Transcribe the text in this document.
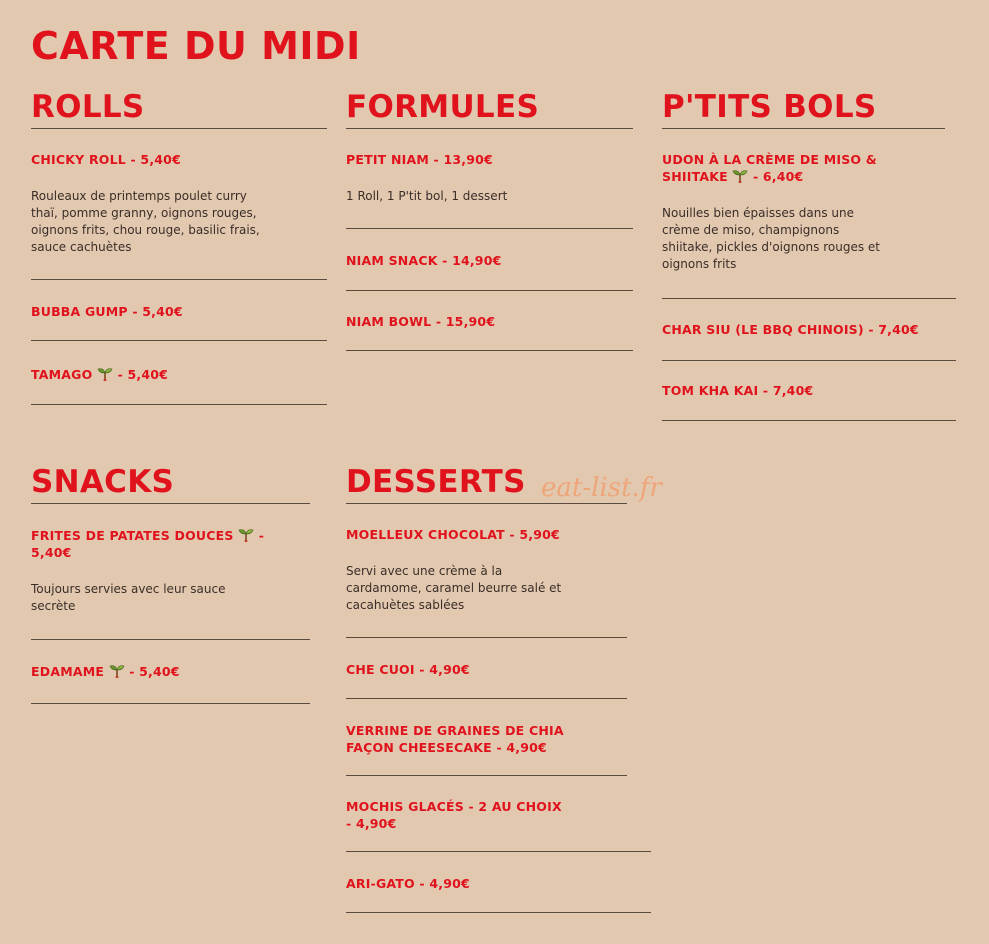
CARTE DU MIDI
ROLLS
CHICKY ROLL - 5,40€
Rouleaux de printemps poulet curry thaï, pomme granny, oignons rouges, oignons frits, chou rouge, basilic frais, sauce cachuètes
BUBBA GUMP - 5,40€
TAMAGO - 5,40€
FORMULES
PETIT NIAM - 13,90€
1 Roll, 1 P'tit bol, 1 dessert
NIAM SNACK - 14,90€
NIAM BOWL - 15,90€
P'TITS BOLS
UDON À LA CRÈME DE MISO & SHIITAKE - 6,40€
Nouilles bien épaisses dans une crème de miso, champignons shiitake, pickles d'oignons rouges et oignons frits
CHAR SIU (LE BBQ CHINOIS) - 7,40€
TOM KHA KAI - 7,40€
SNACKS
FRITES DE PATATES DOUCES - 5,40€
Toujours servies avec leur sauce secrète
EDAMAME - 5,40€
DESSERTS
MOELLEUX CHOCOLAT - 5,90€
Servi avec une crème à la cardamome, caramel beurre salé et cacahuètes sablées
CHE CUOI - 4,90€
VERRINE DE GRAINES DE CHIA FAÇON CHEESECAKE - 4,90€
MOCHIS GLACÉS - 2 AU CHOIX - 4,90€
ARI-GATO - 4,90€
eat-list.fr
